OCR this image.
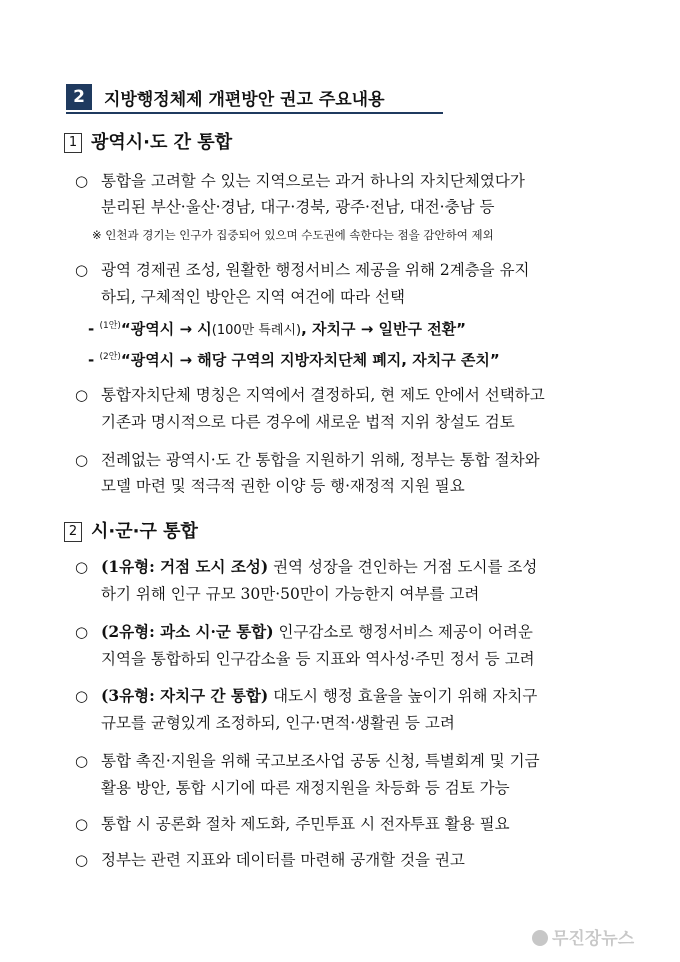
2	지방행정체제 개편방안 권고 주요내용
1 광역시·도 간 통합
○ 통합을 고려할 수 있는 지역으로는 과거 하나의 자치단체였다가
분리된 부산·울산·경남, 대구·경북, 광주·전남, 대전·충남 등
※ 인천과 경기는 인구가 집중되어 있으며 수도권에 속한다는 점을 감안하여 제외
○ 광역 경제권 조성, 원활한 행정서비스 제공을 위해 2계층을 유지
하되, 구체적인 방안은 지역 여건에 따라 선택
- $^{(1안)}$“광역시 → 시(100만 특례시), 자치구 → 일반구 전환”
- $^{(2안)}$“광역시 → 해당 구역의 지방자치단체 폐지, 자치구 존치”
○ 통합자치단체 명칭은 지역에서 결정하되, 현 제도 안에서 선택하고
기존과 명시적으로 다른 경우에 새로운 법적 지위 창설도 검토
○ 전례없는 광역시·도 간 통합을 지원하기 위해, 정부는 통합 절차와
모델 마련 및 적극적 권한 이양 등 행·재정적 지원 필요
2 시·군·구 통합
○ (1유형: 거점 도시 조성) 권역 성장을 견인하는 거점 도시를 조성
하기 위해 인구 규모 30만·50만이 가능한지 여부를 고려
○ (2유형: 과소 시·군 통합) 인구감소로 행정서비스 제공이 어려운
지역을 통합하되 인구감소율 등 지표와 역사성·주민 정서 등 고려
○ (3유형: 자치구 간 통합) 대도시 행정 효율을 높이기 위해 자치구
규모를 균형있게 조정하되, 인구·면적·생활권 등 고려
○ 통합 촉진·지원을 위해 국고보조사업 공동 신청, 특별회계 및 기금
활용 방안, 통합 시기에 따른 재정지원을 차등화 등 검토 가능
○ 통합 시 공론화 절차 제도화, 주민투표 시 전자투표 활용 필요
○ 정부는 관련 지표와 데이터를 마련해 공개할 것을 권고
무진장뉴스
